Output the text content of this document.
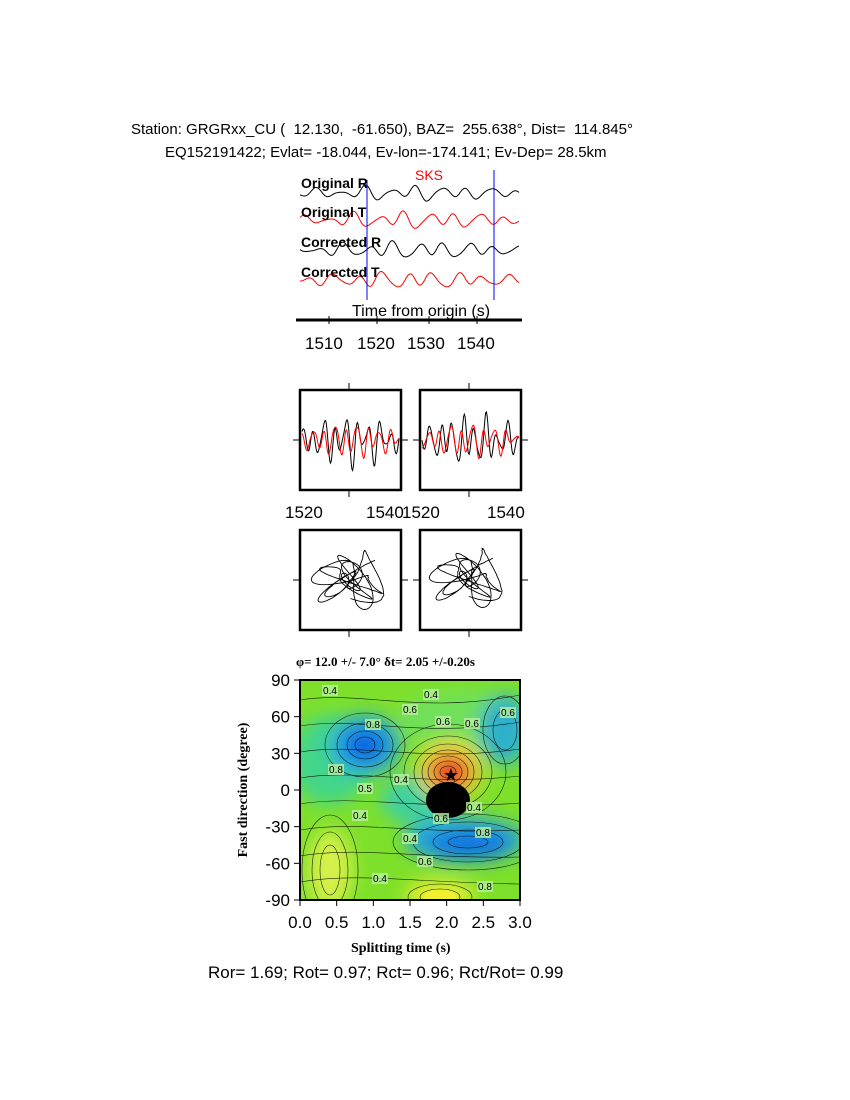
Station: GRGRxx_CU (  12.130,  -61.650), BAZ=  255.638°, Dist=  114.845°
EQ152191422; Evlat= -18.044, Ev-lon=-174.141; Ev-Dep= 28.5km
Original R
Original T
Corrected R
Corrected T
SKS
Time from origin (s)
1510 1520 1530 1540
1520	1540
1520	1540
φ= 12.0 +/- 7.0° δt= 2.05 +/-0.20s
0.4	0.4
0.6
0.6
0.6
0.6
0.8
0.8
0.5
0.4
0.4
0.6
0.4
0.8
0.6
0.8
0.4
0.4
★
90
60
30
0
-30
-60
-90
0.0 0.5 1.0 1.5 2.0 2.5 3.0
Fast direction (degree)
Splitting time (s)
Ror= 1.69; Rot= 0.97; Rct= 0.96; Rct/Rot= 0.99
